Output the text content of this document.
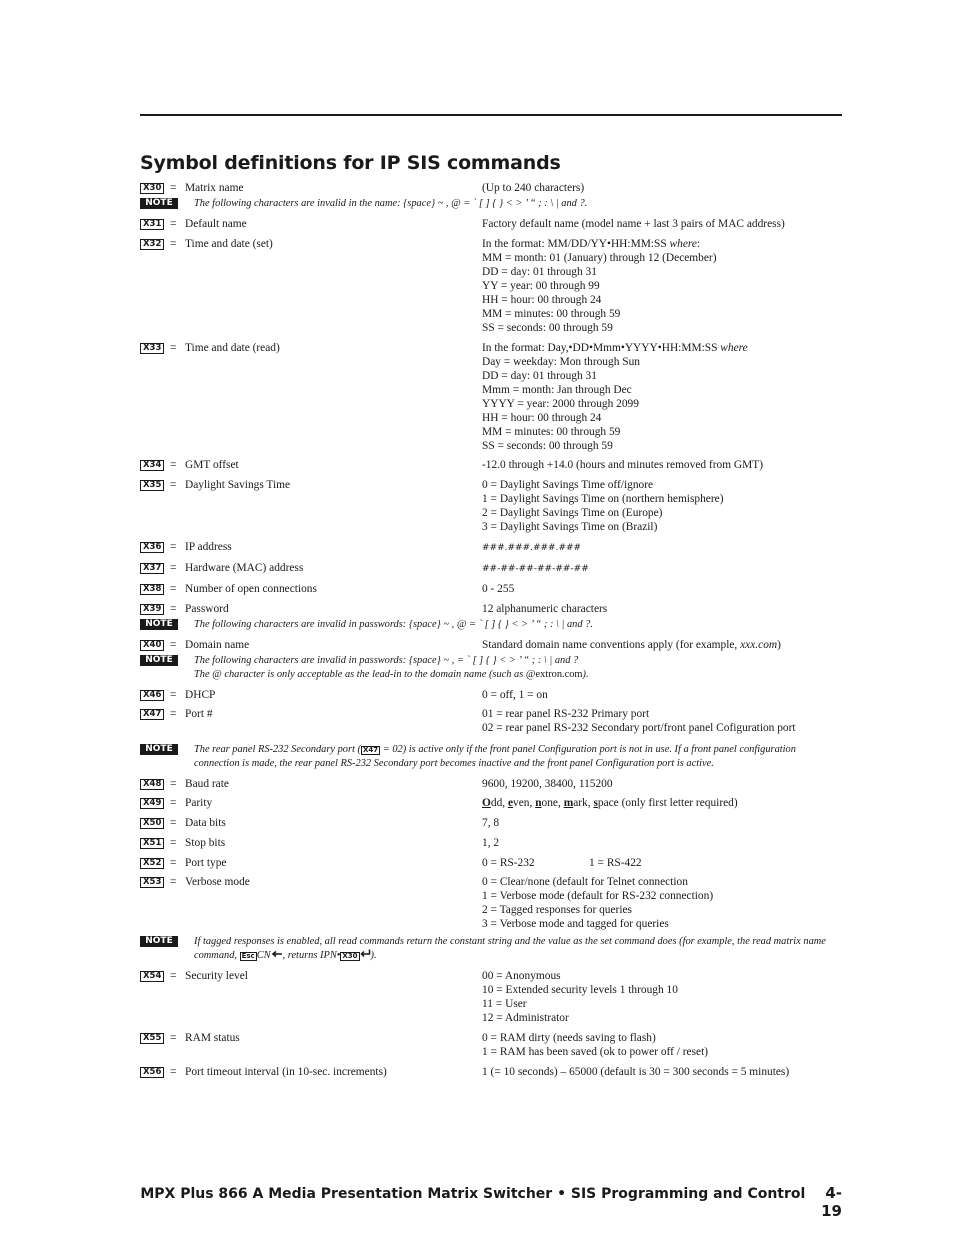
Symbol definitions for IP SIS commands
X30 = Matrix name	(Up to 240 characters)
NOTE	The following characters are invalid in the name: {space} ~ , @ = ` [ ] { } < > ’ “ ; : \ | and ?.
X31 = Default name	Factory default name (model name + last 3 pairs of MAC address)
X32 = Time and date (set)	In the format: MM/DD/YY•HH:MM:SS where:
MM = month: 01 (January) through 12 (December)
DD = day: 01 through 31
YY = year: 00 through 99
HH = hour: 00 through 24
MM = minutes: 00 through 59
SS = seconds: 00 through 59
X33 = Time and date (read)	In the format: Day,•DD•Mmm•YYYY•HH:MM:SS where
Day = weekday: Mon through Sun
DD = day: 01 through 31
Mmm = month: Jan through Dec
YYYY = year: 2000 through 2099
HH = hour: 00 through 24
MM = minutes: 00 through 59
SS = seconds: 00 through 59
X34 = GMT offset	-12.0 through +14.0 (hours and minutes removed from GMT)
X35 = Daylight Savings Time	0 = Daylight Savings Time off/ignore
1 = Daylight Savings Time on (northern hemisphere)
2 = Daylight Savings Time on (Europe)
3 = Daylight Savings Time on (Brazil)
X36 = IP address	###.###.###.###
X37 = Hardware (MAC) address	##-##-##-##-##-##
X38 = Number of open connections	0 - 255
X39 = Password	12 alphanumeric characters
NOTE	The following characters are invalid in passwords: {space} ~ , @ = ` [ ] { } < > ’ “ ; : \ | and ?.
X40 = Domain name	Standard domain name conventions apply (for example, xxx.com)
NOTE	The following characters are invalid in passwords: {space} ~ , = ` [ ] { } < > ’ “ ; : \ | and ?
The @ character is only acceptable as the lead-in to the domain name (such as @extron.com).
X46 = DHCP	0 = off, 1 = on
X47 = Port #	01 = rear panel RS-232 Primary port
02 = rear panel RS-232 Secondary port/front panel Cofiguration port
NOTE	The rear panel RS-232 Secondary port ( X47 = 02) is active only if the front panel Configuration port is not in use. If a front panel configuration connection is made, the rear panel RS-232 Secondary port becomes inactive and the front panel Configuration port is active.
X48 = Baud rate	9600, 19200, 38400, 115200
X49 = Parity	Odd, even, none, mark, space (only first letter required)
X50 = Data bits	7, 8
X51 = Stop bits	1, 2
X52 = Port type	0 = RS-232	1 = RS-422
X53 = Verbose mode	0 = Clear/none (default for Telnet connection
1 = Verbose mode (default for RS-232 connection)
2 = Tagged responses for queries
3 = Verbose mode and tagged for queries
NOTE	If tagged responses is enabled, all read commands return the constant string and the value as the set command does (for example, the read matrix name command, Esc CN , returns IPN• X30 ).
X54 = Security level	00 = Anonymous
10 = Extended security levels 1 through 10
11 = User
12 = Administrator
X55 = RAM status	0 = RAM dirty (needs saving to flash)
1 = RAM has been saved (ok to power off / reset)
X56 = Port timeout interval (in 10-sec. increments)	1 (= 10 seconds) – 65000 (default is 30 = 300 seconds = 5 minutes)
MPX Plus 866 A Media Presentation Matrix Switcher • SIS Programming and Control 4-19
